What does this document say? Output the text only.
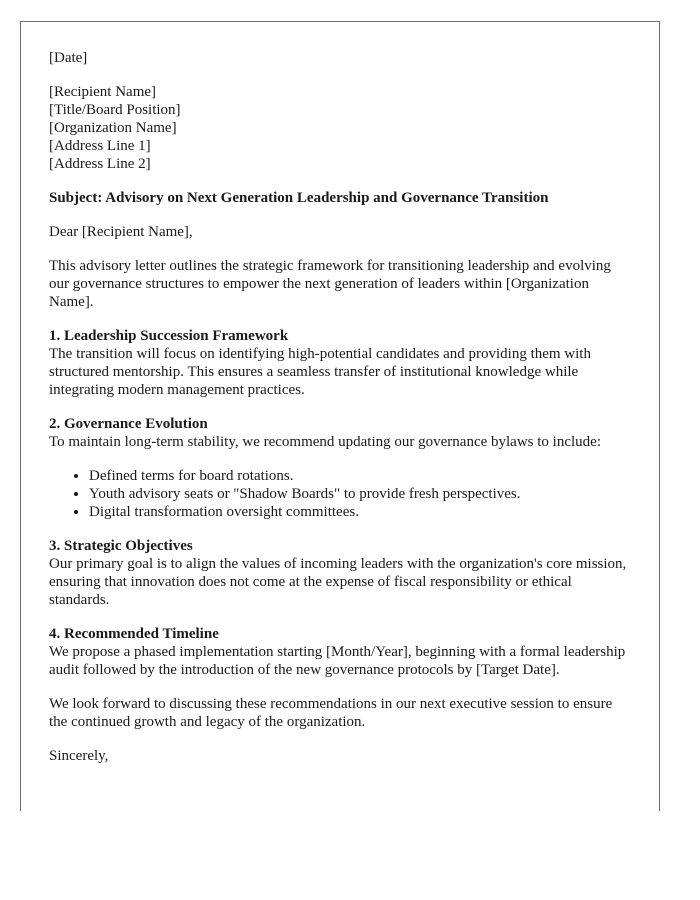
[Date]

[Recipient Name]

[Title/Board Position]

[Organization Name]

[Address Line 1]

[Address Line 2]

Subject: Advisory on Next Generation Leadership and Governance Transition

Dear [Recipient Name],

This advisory letter outlines the strategic framework for transitioning leadership and evolving our governance structures to empower the next generation of leaders within [Organization Name].

1. Leadership Succession Framework

The transition will focus on identifying high-potential candidates and providing them with structured mentorship. This ensures a seamless transfer of institutional knowledge while integrating modern management practices.

2. Governance Evolution

To maintain long-term stability, we recommend updating our governance bylaws to include:

• Defined terms for board rotations.
• Youth advisory seats or "Shadow Boards" to provide fresh perspectives.
• Digital transformation oversight committees.

3. Strategic Objectives

Our primary goal is to align the values of incoming leaders with the organization's core mission, ensuring that innovation does not come at the expense of fiscal responsibility or ethical standards.

4. Recommended Timeline

We propose a phased implementation starting [Month/Year], beginning with a formal leadership audit followed by the introduction of the new governance protocols by [Target Date].

We look forward to discussing these recommendations in our next executive session to ensure the continued growth and legacy of the organization.

Sincerely,
